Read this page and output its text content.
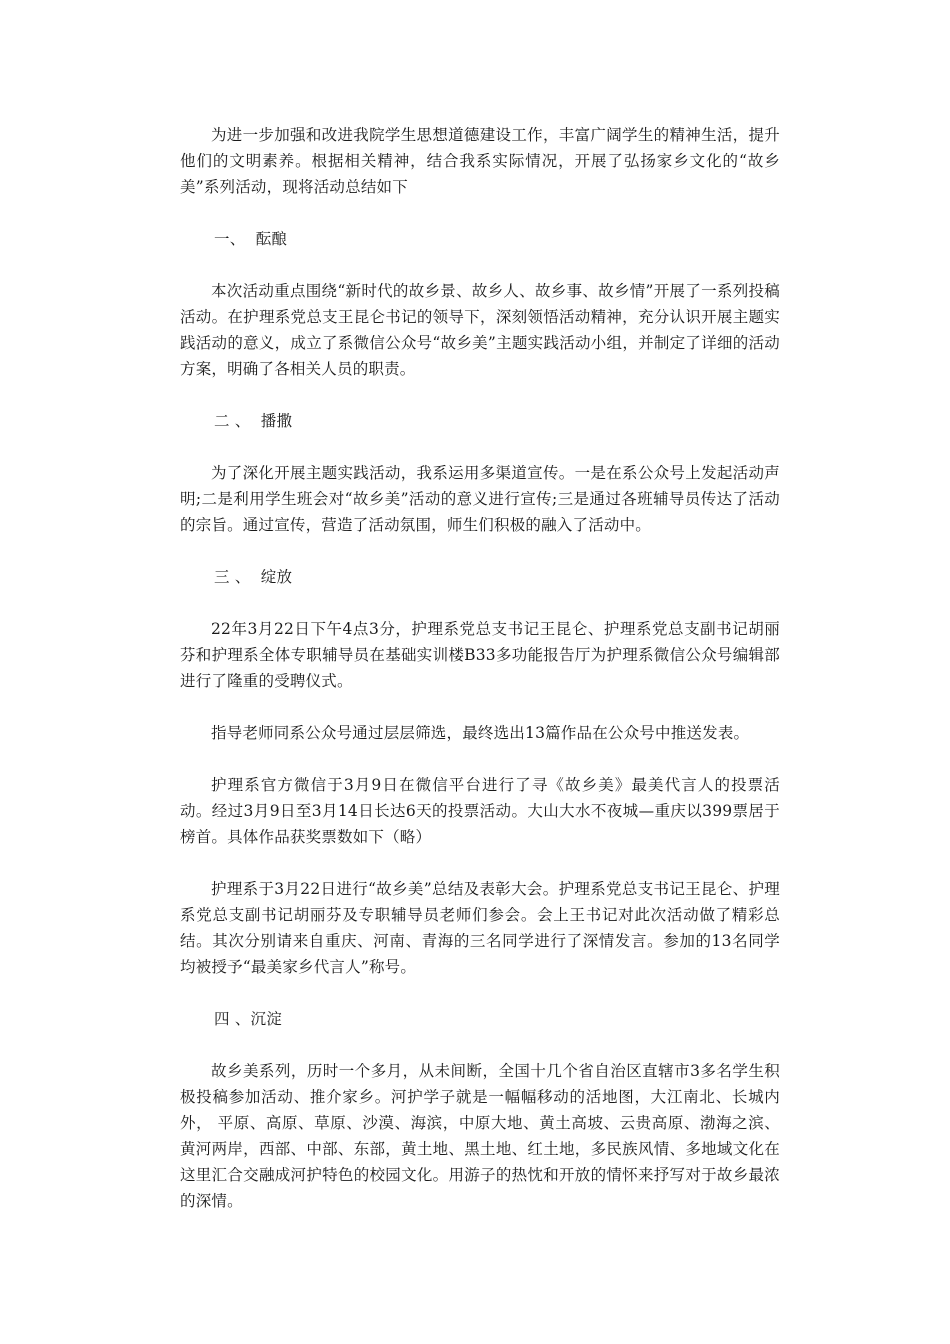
为进一步加强和改进我院学生思想道德建设工作，丰富广阔学生的精神生活，提升他们的文明素养。根据相关精神，结合我系实际情况，开展了弘扬家乡文化的“故乡美”系列活动，现将活动总结如下

一、  酝酿

本次活动重点围绕“新时代的故乡景、故乡人、故乡事、故乡情”开展了一系列投稿活动。在护理系党总支王昆仑书记的领导下，深刻领悟活动精神，充分认识开展主题实践活动的意义，成立了系微信公众号“故乡美”主题实践活动小组，并制定了详细的活动方案，明确了各相关人员的职责。

二 、  播撒

为了深化开展主题实践活动，我系运用多渠道宣传。一是在系公众号上发起活动声明;二是利用学生班会对“故乡美”活动的意义进行宣传;三是通过各班辅导员传达了活动的宗旨。通过宣传，营造了活动氛围，师生们积极的融入了活动中。

三 、  绽放

22年3月22日下午4点3分，护理系党总支书记王昆仑、护理系党总支副书记胡丽芬和护理系全体专职辅导员在基础实训楼B33多功能报告厅为护理系微信公众号编辑部进行了隆重的受聘仪式。

指导老师同系公众号通过层层筛选，最终选出13篇作品在公众号中推送发表。

护理系官方微信于3月9日在微信平台进行了寻《故乡美》最美代言人的投票活动。经过3月9日至3月14日长达6天的投票活动。大山大水不夜城—重庆以399票居于榜首。具体作品获奖票数如下（略）

护理系于3月22日进行“故乡美”总结及表彰大会。护理系党总支书记王昆仑、护理系党总支副书记胡丽芬及专职辅导员老师们参会。会上王书记对此次活动做了精彩总结。其次分别请来自重庆、河南、青海的三名同学进行了深情发言。参加的13名同学均被授予“最美家乡代言人”称号。

四 、沉淀

故乡美系列，历时一个多月，从未间断，全国十几个省自治区直辖市3多名学生积极投稿参加活动、推介家乡。河护学子就是一幅幅移动的活地图，大江南北、长城内外， 平原、高原、草原、沙漠、海滨，中原大地、黄土高坡、云贵高原、渤海之滨、黄河两岸，西部、中部、东部，黄土地、黑土地、红土地，多民族风情、多地域文化在这里汇合交融成河护特色的校园文化。用游子的热忱和开放的情怀来抒写对于故乡最浓的深情。
